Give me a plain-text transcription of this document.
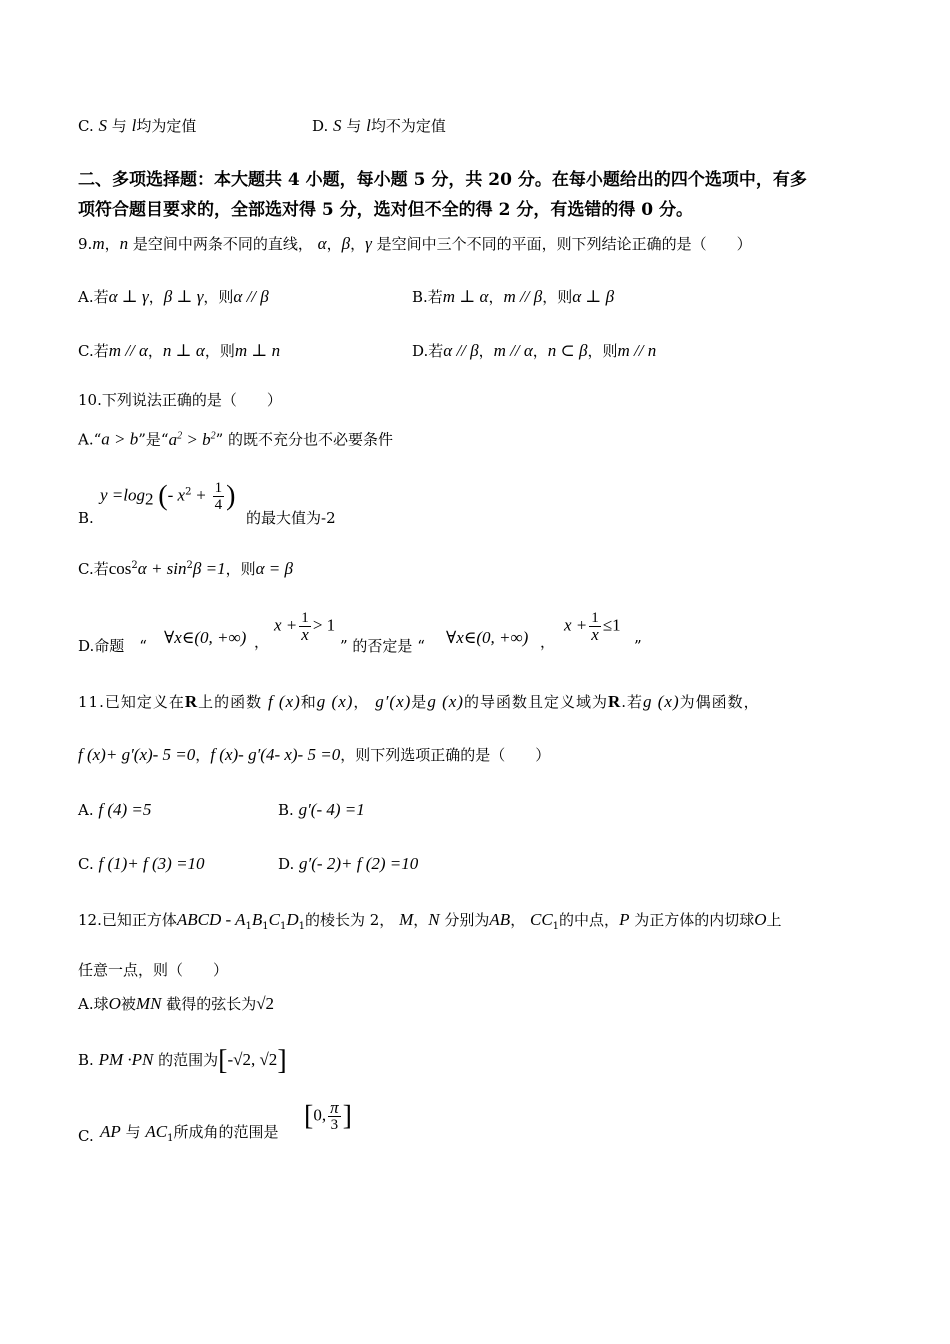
C. S 与 l均为定值	D. S 与 l均不为定值
二、多项选择题：本大题共 4 小题，每小题 5 分，共 20 分。在每小题给出的四个选项中，有多
项符合题目要求的，全部选对得 5 分，选对但不全的得 2 分，有选错的得 0 分。
9.m，n 是空间中两条不同的直线， α，β，γ 是空间中三个不同的平面，则下列结论正确的是（　　）
A.若α ⊥ γ，β ⊥ γ，则α // β	B.若m ⊥ α，m // β，则α ⊥ β
C.若m // α，n ⊥ α，则m ⊥ n	D.若α // β，m // α，n ⊂ β，则m // n
10.下列说法正确的是（　　）
A.“a > b”是“$a^2 > b^2$” 的既不充分也不必要条件
B.
$y =\log_2$ (- $x^2 + \frac{1}{4}$ )
的最大值为-2
C.若$\cos^2\alpha + \sin^2\beta =1$，则α = β
D.命题　“ ∀x∈(0, +∞) ，
$x + \frac{1}{x} > 1$
” 的否定是 “ ∀x∈(0, +∞) ，
$x + \frac{1}{x} \le 1$
”
11.已知定义在R上的函数 f (x)和g (x)， g′(x)是g (x)的导函数且定义域为R.若g (x)为偶函数，
f (x)+ g′(x)- 5 =0，f (x)- g′(4- x)- 5 =0，则下列选项正确的是（　　）
A. f (4) =5	B. g′(- 4) =1
C. f (1)+ f (3) =10	D. g′(- 2)+ f (2) =10
12.已知正方体ABCD - $A_1B_1C_1D_1$的棱长为 2， M，N 分别为AB， $CC_1$的中点，P 为正方体的内切球O上
任意一点，则（　　）
A.球O被MN 截得的弦长为√2
B. PM ·PN 的范围为[-√2, √2]
C. AP 与 $AC_1$所成角的范围是
[0, $\frac{\pi}{3}$ ]
